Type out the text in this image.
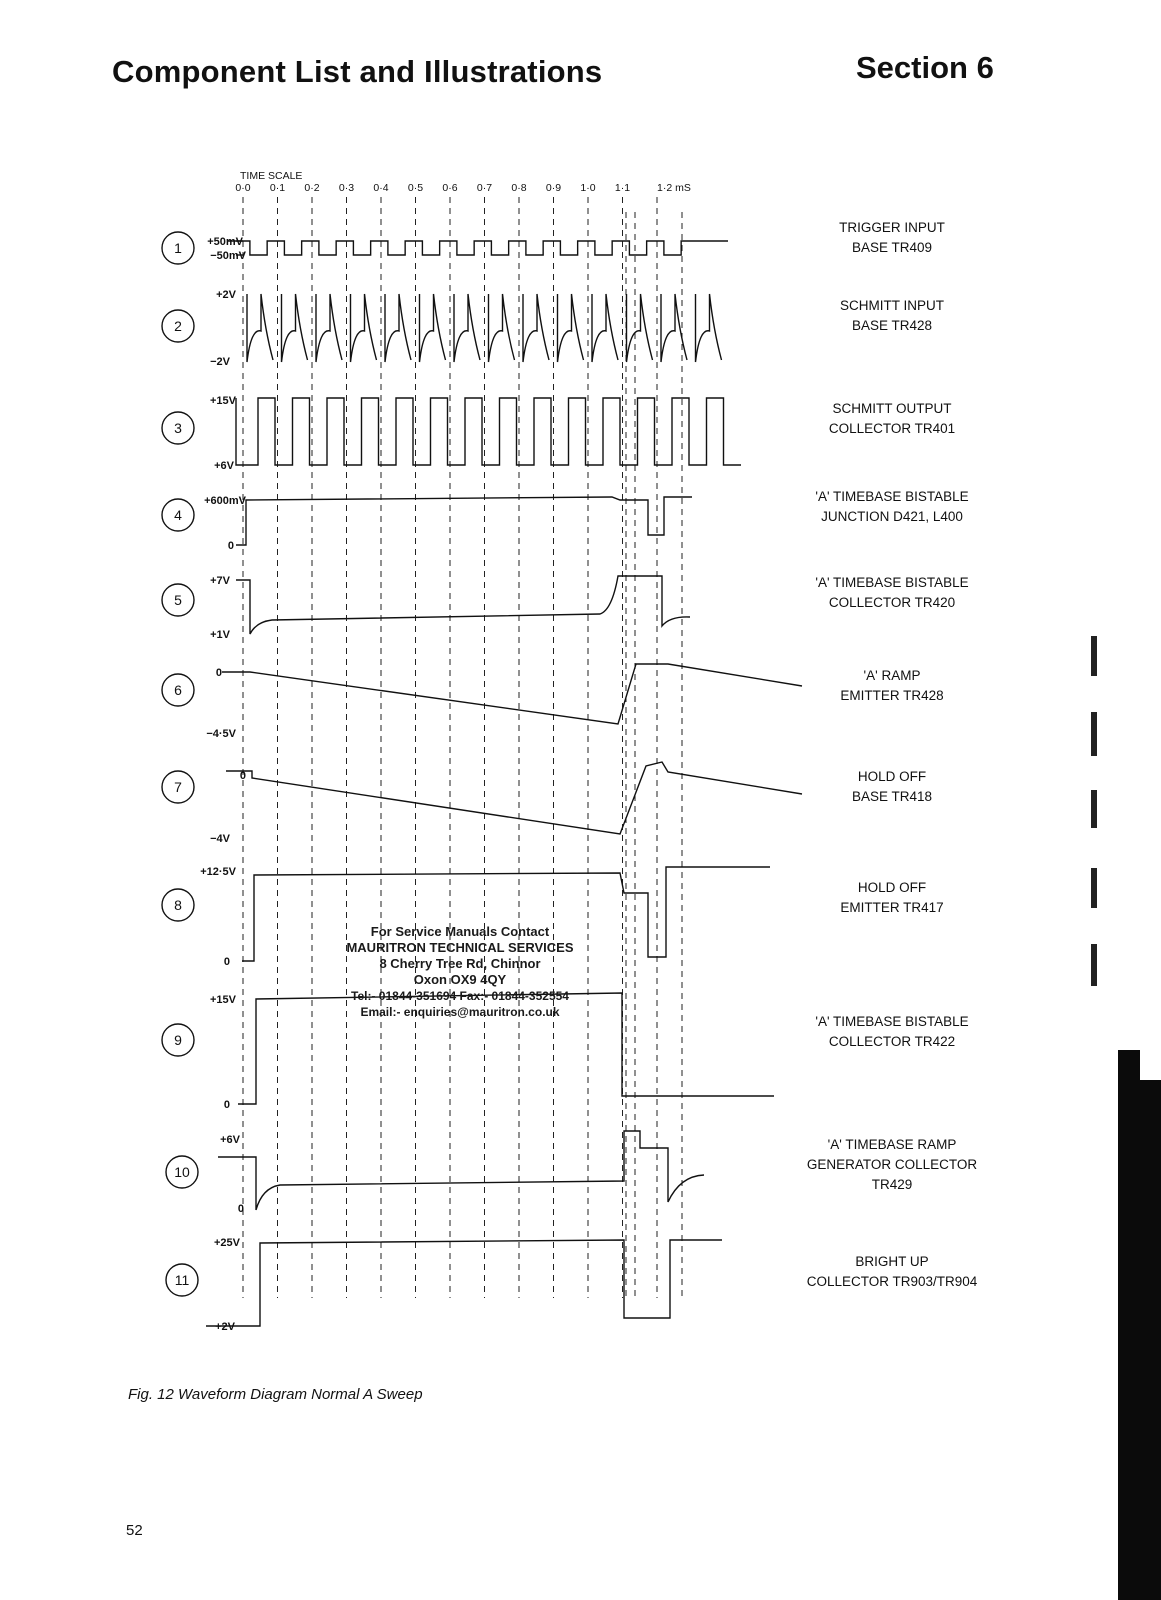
Component List and Illustrations	Section 6
TIME SCALE
0·0 0·1 0·2 0·3 0·4 0·5 0·6 0·7 0·8 0·9 1·0 1·1	1·2 mS
1 +50mV
−50mV
TRIGGER INPUT
BASE TR409
2
+2V
−2V
SCHMITT INPUT
BASE TR428
3
+15V
+6V
SCHMITT OUTPUT
COLLECTOR TR401
4
+600mV
0
'A' TIMEBASE BISTABLE
JUNCTION D421, L400
5
+7V
+1V
'A' TIMEBASE BISTABLE
COLLECTOR TR420
6
0
−4·5V
'A' RAMP
EMITTER TR428
7
0
−4V
HOLD OFF
BASE TR418
8
+12·5V
0
HOLD OFF
EMITTER TR417
9
+15V
0
'A' TIMEBASE BISTABLE
COLLECTOR TR422
10
+6V
0
'A' TIMEBASE RAMP
GENERATOR COLLECTOR
TR429
11
+25V
+2V
BRIGHT UP
COLLECTOR TR903/TR904
For Service Manuals Contact
MAURITRON TECHNICAL SERVICES
8 Cherry Tree Rd, Chinnor
Oxon OX9 4QY
Tel:- 01844-351694 Fax:- 01844-352554
Email:- enquiries@mauritron.co.uk
Fig. 12 Waveform Diagram Normal A Sweep
52
